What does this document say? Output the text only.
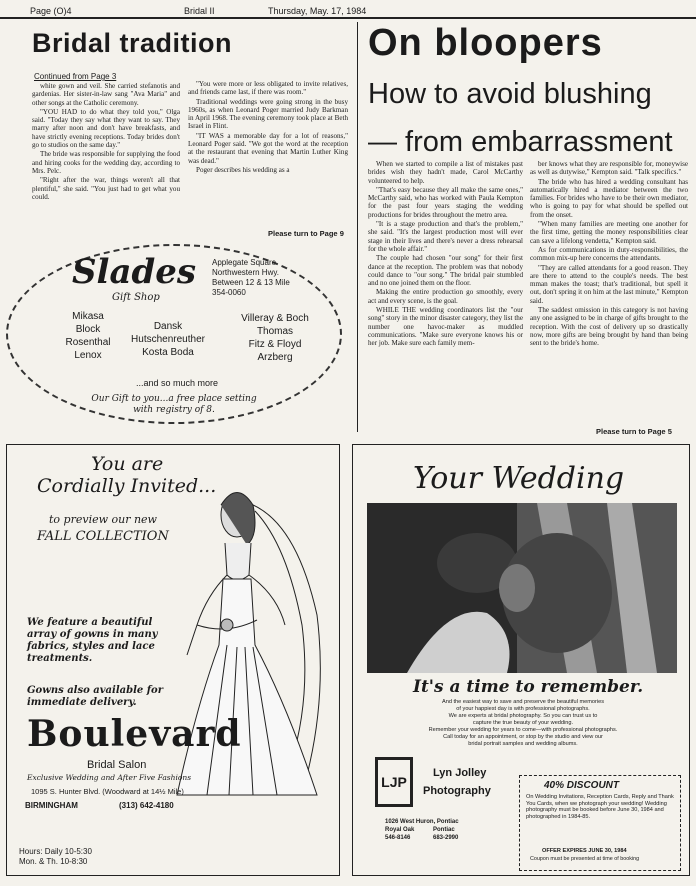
Page (O)4	Bridal II	Thursday, May. 17, 1984
Bridal tradition
Continued from Page 3

white gown and veil. She carried stefanotis and gardenias. Her sister-in-law sang "Ava Maria" and other songs at the Catholic ceremony.

"YOU HAD to do what they told you," Olga said. "Today they say what they want to say. They marry after noon and don't have breakfasts, and have strictly evening receptions. Today brides don't go to studios on the same day."

The bride was responsible for supplying the food and hiring cooks for the wedding day, according to Mrs. Pelc.

"Right after the war, things weren't all that plentiful," she said. "You just had to get what you could.

"You were more or less obligated to invite relatives, and friends came last, if there was room."

Traditional weddings were going strong in the busy 1960s, as when Leonard Poger married Judy Barkman in April 1968. The evening ceremony took place at Beth Israel in Flint.

"IT WAS a memorable day for a lot of reasons," Leonard Poger said. "We got the word at the reception at the restaurant that evening that Martin Luther King was dead."

Poger describes his wedding as a

Please turn to Page 9
Slades
Gift Shop
Applegate Square
Northwestern Hwy.
Between 12 & 13 Mile
354-0060
Mikasa
Block
Rosenthal
Lenox
Dansk
Hutschenreuther
Kosta Boda
Villeray & Boch
Thomas
Fitz & Floyd
Arzberg
...and so much more
Our Gift to you...a free place setting
with registry of 8.
On bloopers
How to avoid blushing
— from embarrassment

When we started to compile a list of mistakes past brides wish they hadn't made, Carol McCarthy volunteered to help.

"That's easy because they all make the same ones," McCarthy said, who has worked with Paula Kempton for the past four years staging the wedding productions for brides throughout the metro area.

"It is a stage production and that's the problem," she said. "It's the largest production most will ever stage in their lives and there's never a dress rehearsal for the whole affair."

The couple had chosen "our song" for their first dance at the reception. The problem was that nobody could dance to "our song." The bridal pair stumbled and no one joined them on the floor.

Making the entire production go smoothly, every act and every scene, is the goal.

WHILE THE wedding coordinators list the "our song" story in the minor disaster category, they list the number one havoc-maker as muddled communications. "Make sure everyone knows his or her job. Make sure each family mem-

ber knows what they are responsible for, moneywise as well as dutywise," Kempton said. "Talk specifics."

The bride who has hired a wedding consultant has automatically hired a mediator between the two families. For brides who have to be their own mediator, who is going to pay for what should be spelled out from the onset.

"When many families are meeting one another for the first time, getting the money responsibilities clear can save a lifelong vendetta," Kempton said.

As for communications in duty-responsibilities, the common mix-up here concerns the attendants.

"They are called attendants for a good reason. They are there to attend to the couple's needs. The best mman makes the toast; that's traditional, but spell it out, don't spring it on him at the last minute," Kempton said.

The saddest omission in this category is not having any one assigned to be in charge of gifts brought to the reception. With the cost of delivery up so drastically now, more gifts are being brought by hand than being sent to the bride's home.

Please turn to Page 5
You are
Cordially Invited...
to preview our new
FALL COLLECTION
We feature a beautiful
array of gowns in many
fabrics, styles and lace
treatments.
Gowns also available for
immediate delivery.
Boulevard
Bridal Salon
Exclusive Wedding and After Five Fashions
1095 S. Hunter Blvd. (Woodward at 14½ Mile)
BIRMINGHAM	(313) 642-4180
Hours: Daily 10-5:30
Mon. & Th. 10-8:30
Your Wedding
It's a time to remember.
And the easiest way to save and preserve the beautiful memories
of your happiest day is with professional photographs.
We are experts at bridal photography. So you can trust us to
capture the true beauty of your wedding.
Remember your wedding for years to come—with professional photographs.
Call today for an appointment, or stop by the studio and view our
bridal portrait samples and wedding albums.
LJP
Lyn Jolley
Photography
1026 West Huron, Pontiac
Royal Oak	Pontiac
546-8146	683-2990
40% DISCOUNT
On Wedding Invitations, Reception Cards, Reply and Thank You Cards, when we photograph your wedding! Wedding photography must be booked before June 30, 1984 and photographed in 1984-85.
OFFER EXPIRES JUNE 30, 1984
Coupon must be presented at time of booking
